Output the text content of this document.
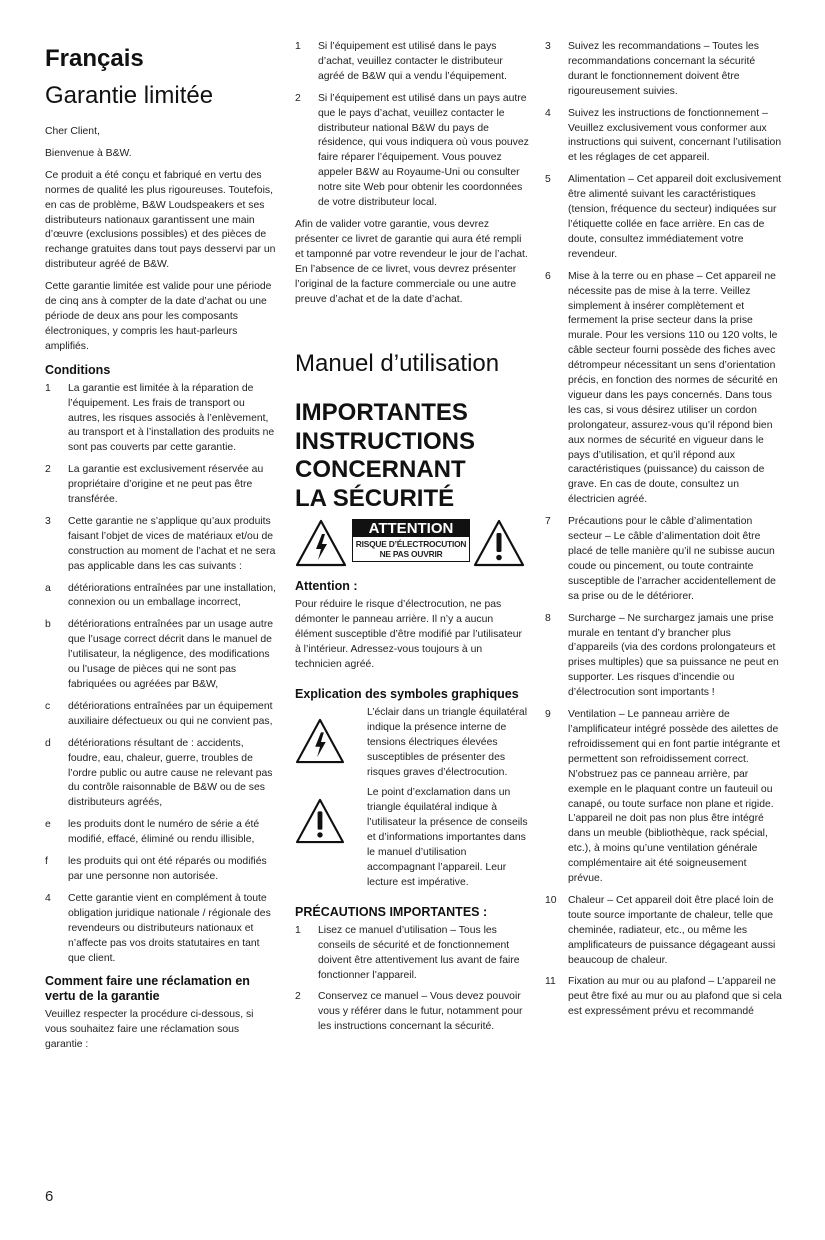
Français
Garantie limitée

Cher Client,

Bienvenue à B&W.

Ce produit a été conçu et fabriqué en vertu des normes de qualité les plus rigoureuses. Toutefois, en cas de problème, B&W Loudspeakers et ses distributeurs nationaux garantissent une main d’œuvre (exclusions possibles) et des pièces de rechange gratuites dans tout pays desservi par un distributeur agréé de B&W.

Cette garantie limitée est valide pour une période de cinq ans à compter de la date d’achat ou une période de deux ans pour les composants électroniques, y compris les haut-parleurs amplifiés.

Conditions
1 La garantie est limitée à la réparation de l’équipement. Les frais de transport ou autres, les risques associés à l’enlèvement, au transport et à l’installation des produits ne sont pas couverts par cette garantie.
2 La garantie est exclusivement réservée au propriétaire d’origine et ne peut pas être transférée.
3 Cette garantie ne s’applique qu’aux produits faisant l’objet de vices de matériaux et/ou de construction au moment de l’achat et ne sera pas applicable dans les cas suivants :
a détériorations entraînées par une installation, connexion ou un emballage incorrect,
b détériorations entraînées par un usage autre que l’usage correct décrit dans le manuel de l’utilisateur, la négligence, des modifications ou l’usage de pièces qui ne sont pas fabriquées ou agréées par B&W,
c détériorations entraînées par un équipement auxiliaire défectueux ou qui ne convient pas,
d détériorations résultant de : accidents, foudre, eau, chaleur, guerre, troubles de l’ordre public ou autre cause ne relevant pas du contrôle raisonnable de B&W ou de ses distributeurs agréés,
e les produits dont le numéro de série a été modifié, effacé, éliminé ou rendu illisible,
f les produits qui ont été réparés ou modifiés par une personne non autorisée.
4 Cette garantie vient en complément à toute obligation juridique nationale / régionale des revendeurs ou distributeurs nationaux et n’affecte pas vos droits statutaires en tant que client.
Comment faire une réclamation en vertu de la garantie

Veuillez respecter la procédure ci-dessous, si vous souhaitez faire une réclamation sous garantie :

1 Si l’équipement est utilisé dans le pays d’achat, veuillez contacter le distributeur agréé de B&W qui a vendu l’équipement.
2 Si l’équipement est utilisé dans un pays autre que le pays d’achat, veuillez contacter le distributeur national B&W du pays de résidence, qui vous indiquera où vous pouvez faire réparer l’équipement. Vous pouvez appeler B&W au Royaume-Uni ou consulter notre site Web pour obtenir les coordonnées de votre distributeur local.

Afin de valider votre garantie, vous devrez présenter ce livret de garantie qui aura été rempli et tamponné par votre revendeur le jour de l’achat. En l’absence de ce livret, vous devrez présenter l’original de la facture commerciale ou une autre preuve d’achat et de la date d’achat.

Manuel d’utilisation
IMPORTANTES
INSTRUCTIONS
CONCERNANT
LA SÉCURITÉ
ATTENTION
RISQUE D’ÉLECTROCUTION
NE PAS OUVRIR
Attention :

Pour réduire le risque d’électrocution, ne pas démonter le panneau arrière. Il n’y a aucun élément susceptible d’être modifié par l’utilisateur à l’intérieur. Adressez-vous toujours à un technicien agréé.

Explication des symboles graphiques
L’éclair dans un triangle équilatéral indique la présence interne de tensions électriques élevées susceptibles de présenter des risques graves d’électrocution.
Le point d’exclamation dans un triangle équilatéral indique à l’utilisateur la présence de conseils et d’informations importantes dans le manuel d’utilisation accompagnant l’appareil. Leur lecture est impérative.
PRÉCAUTIONS IMPORTANTES :
1 Lisez ce manuel d’utilisation – Tous les conseils de sécurité et de fonctionnement doivent être attentivement lus avant de faire fonctionner l’appareil.
2 Conservez ce manuel – Vous devez pouvoir vous y référer dans le futur, notamment pour les instructions concernant la sécurité.
3 Suivez les recommandations – Toutes les recommandations concernant la sécurité durant le fonctionnement doivent être rigoureusement suivies.
4 Suivez les instructions de fonctionnement – Veuillez exclusivement vous conformer aux instructions qui suivent, concernant l’utilisation et les réglages de cet appareil.
5 Alimentation – Cet appareil doit exclusivement être alimenté suivant les caractéristiques (tension, fréquence du secteur) indiquées sur l’étiquette collée en face arrière. En cas de doute, consultez immédiatement votre revendeur.
6 Mise à la terre ou en phase – Cet appareil ne nécessite pas de mise à la terre. Veillez simplement à insérer complètement et fermement la prise secteur dans la prise murale. Pour les versions 110 ou 120 volts, le câble secteur fourni possède des fiches avec détrompeur nécessitant un sens d’orientation précis, en fonction des normes de sécurité en vigueur dans les pays concernés. Dans tous les cas, si vous désirez utiliser un cordon prolongateur, assurez-vous qu’il répond bien aux normes de sécurité en vigueur dans le pays d’utilisation, et qu’il répond aux caractéristiques (puissance) du caisson de grave. En cas de doute, consultez un électricien agréé.
7 Précautions pour le câble d’alimentation secteur – Le câble d’alimentation doit être placé de telle manière qu’il ne subisse aucun coude ou pincement, ou toute contrainte susceptible de l’arracher accidentellement de sa prise ou de le détériorer.
8 Surcharge – Ne surchargez jamais une prise murale en tentant d’y brancher plus d’appareils (via des cordons prolongateurs et prises multiples) que sa puissance ne peut en supporter. Les risques d’incendie ou d’électrocution sont importants !
9 Ventilation – Le panneau arrière de l’amplificateur intégré possède des ailettes de refroidissement qui en font partie intégrante et permettent son refroidissement correct. N’obstruez pas ce panneau arrière, par exemple en le plaquant contre un fauteuil ou canapé, ou toute surface non plane et rigide. L’appareil ne doit pas non plus être intégré dans un meuble (bibliothèque, rack spécial, etc.), à moins qu’une ventilation générale complémentaire ait été soigneusement prévue.
10 Chaleur – Cet appareil doit être placé loin de toute source importante de chaleur, telle que cheminée, radiateur, etc., ou même les amplificateurs de puissance dégageant aussi beaucoup de chaleur.
11 Fixation au mur ou au plafond – L’appareil ne peut être fixé au mur ou au plafond que si cela est expressément prévu et recommandé
6
